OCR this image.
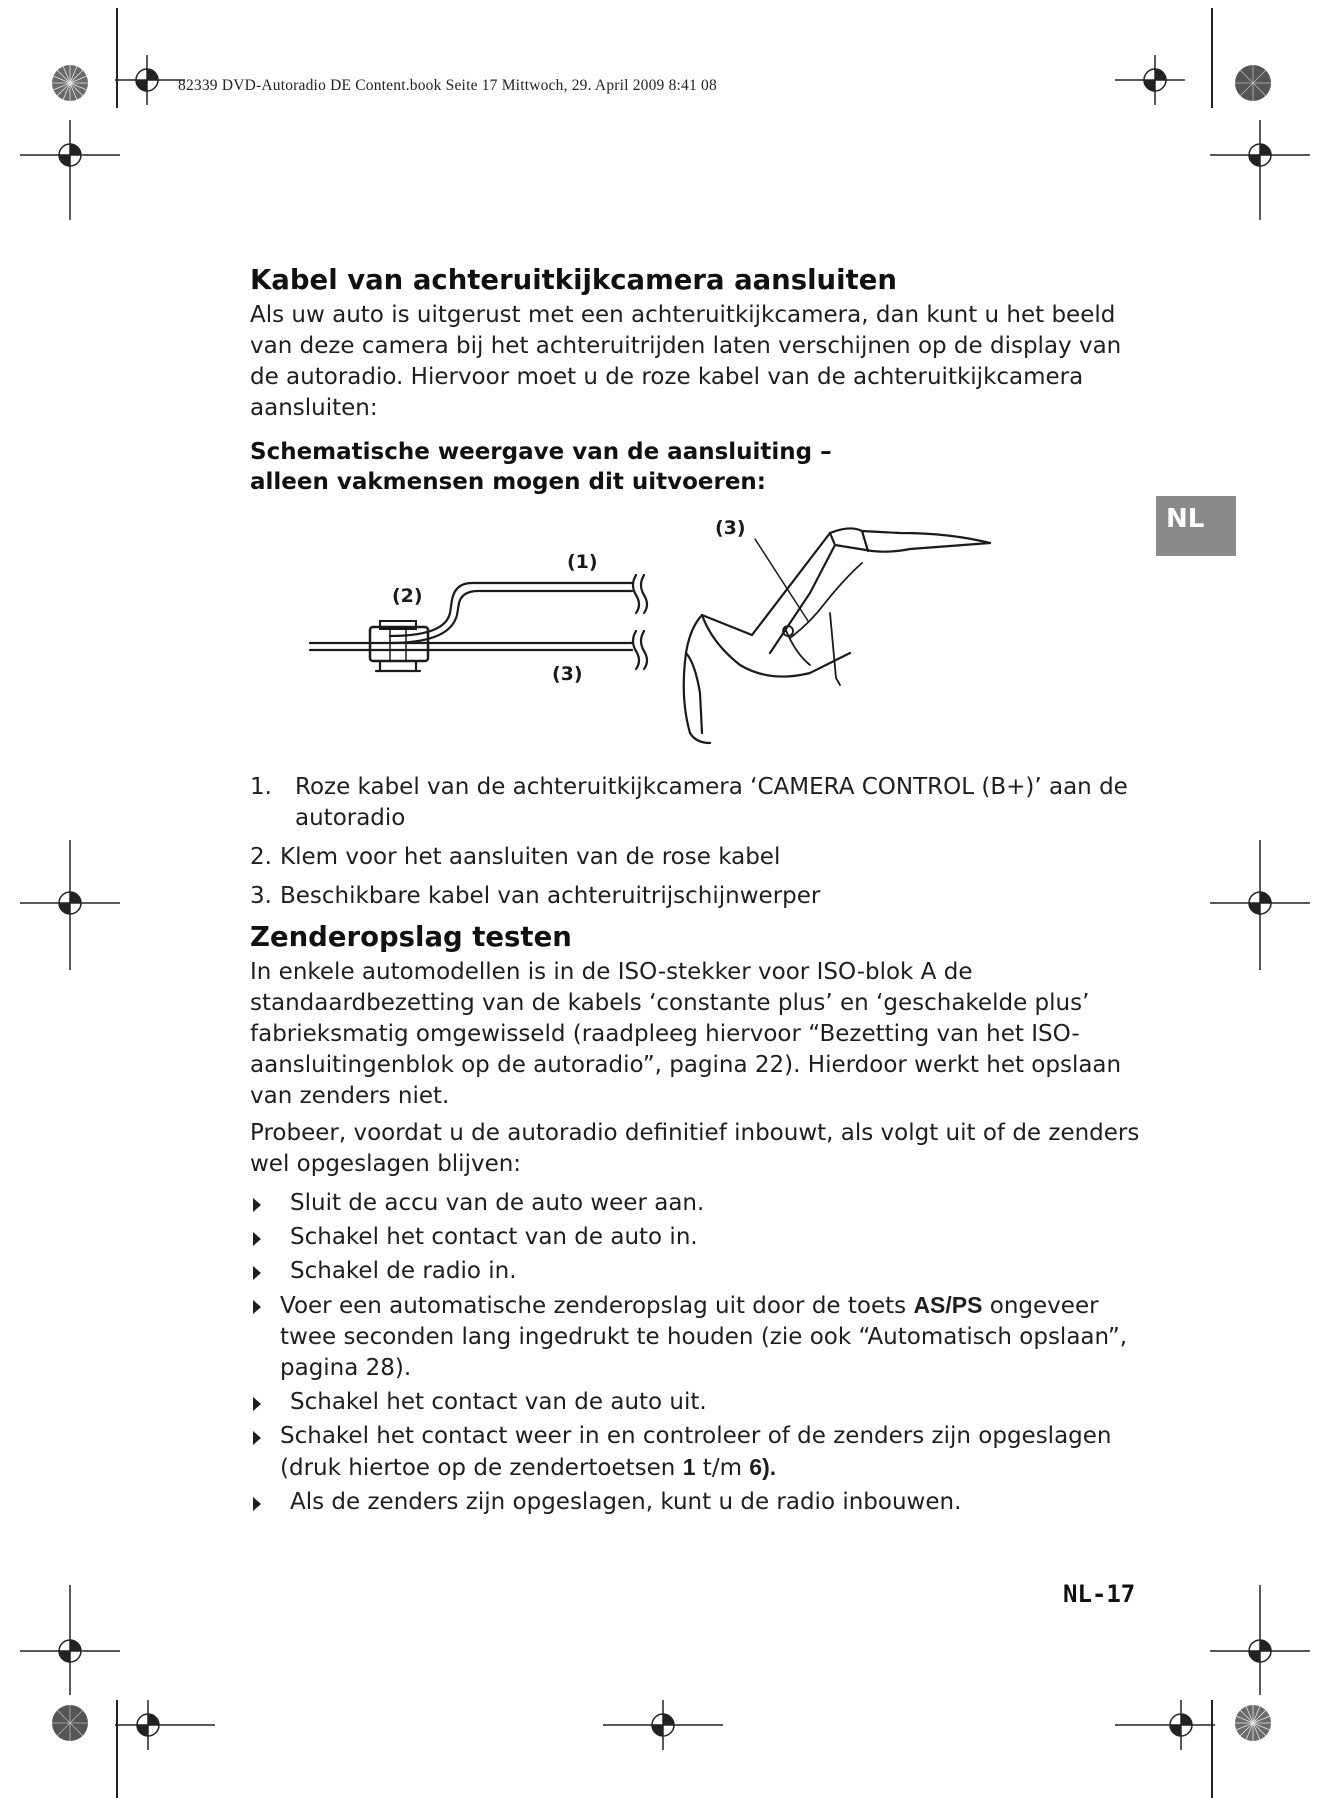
82339 DVD-Autoradio DE Content.book Seite 17 Mittwoch, 29. April 2009 8:41 08
NL
Kabel van achteruitkijkcamera aansluiten

Als uw auto is uitgerust met een achteruitkijkcamera, dan kunt u het beeld van deze camera bij het achteruitrijden laten verschijnen op de display van de autoradio. Hiervoor moet u de roze kabel van de achteruitkijkcamera aansluiten:

Schematische weergave van de aansluiting –
alleen vakmensen mogen dit uitvoeren:
(1)
(2)
(3)
(3)
1. Roze kabel van de achteruitkijkcamera ‘CAMERA CONTROL (B+)’ aan de autoradio
2. Klem voor het aansluiten van de rose kabel
3. Beschikbare kabel van achteruitrijschijnwerper
Zenderopslag testen

In enkele automodellen is in de ISO-stekker voor ISO-blok A de standaardbezetting van de kabels ‘constante plus’ en ‘geschakelde plus’ fabrieksmatig omgewisseld (raadpleeg hiervoor “Bezetting van het ISO-aansluitingenblok op de autoradio”, pagina 22). Hierdoor werkt het opslaan van zenders niet.

Probeer, voordat u de autoradio definitief inbouwt, als volgt uit of de zenders wel opgeslagen blijven:

Sluit de accu van de auto weer aan.
Schakel het contact van de auto in.
Schakel de radio in.
Voer een automatische zenderopslag uit door de toets AS/PS ongeveer twee seconden lang ingedrukt te houden (zie ook “Automatisch opslaan”, pagina 28).
Schakel het contact van de auto uit.
Schakel het contact weer in en controleer of de zenders zijn opgeslagen (druk hiertoe op de zendertoetsen 1 t/m 6).
Als de zenders zijn opgeslagen, kunt u de radio inbouwen.
NL-17
